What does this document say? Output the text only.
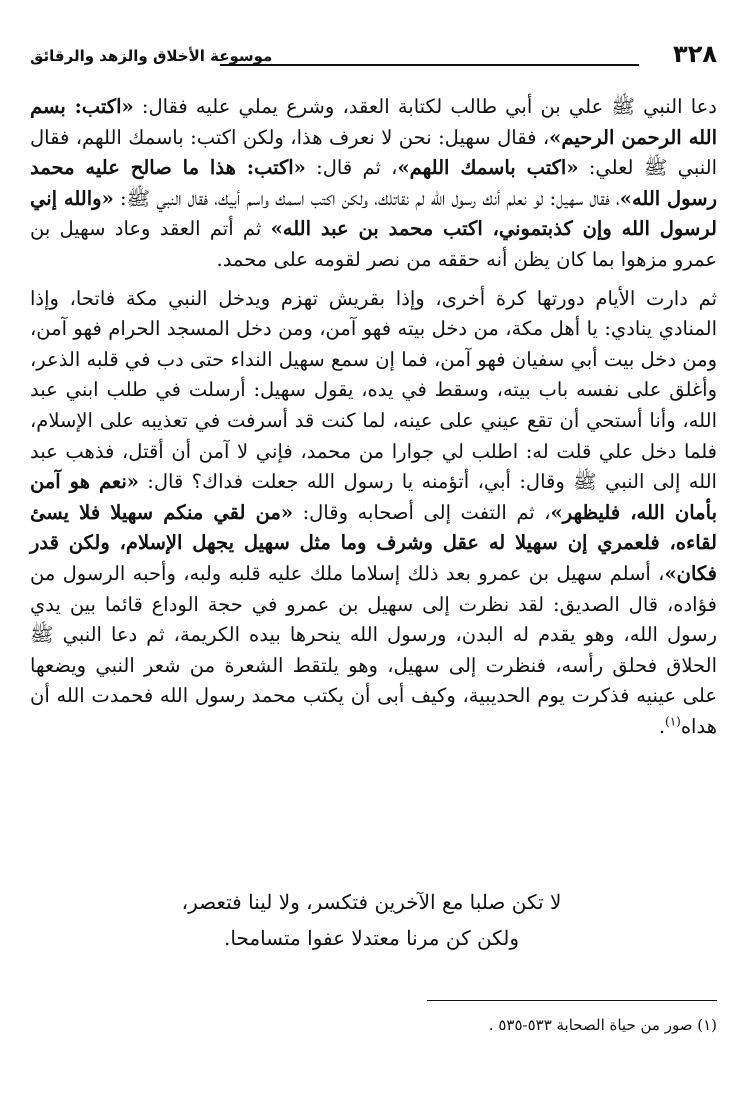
٣٢٨
موسوعة الأخلاق والزهد والرقائق

دعا النبي ﷺ علي بن أبي طالب لكتابة العقد، وشرع يملي عليه فقال: «اكتب: بسم الله الرحمن الرحيم»، فقال سهيل: نحن لا نعرف هذا، ولكن اكتب: باسمك اللهم، فقال النبي ﷺ لعلي: «اكتب باسمك اللهم»، ثم قال: «اكتب: هذا ما صالح عليه محمد رسول الله»، فقال سهيل: لو نعلم أنك رسول الله لم نقاتلك، ولكن اكتب اسمك واسم أبيك، فقال النبي ﷺ: «والله إني لرسول الله وإن كذبتموني، اكتب محمد بن عبد الله» ثم أتم العقد وعاد سهيل بن عمرو مزهوا بما كان يظن أنه حققه من نصر لقومه على محمد.

ثم دارت الأيام دورتها كرة أخرى، وإذا بقريش تهزم ويدخل النبي مكة فاتحا، وإذا المنادي ينادي: يا أهل مكة، من دخل بيته فهو آمن، ومن دخل المسجد الحرام فهو آمن، ومن دخل بيت أبي سفيان فهو آمن، فما إن سمع سهيل النداء حتى دب في قلبه الذعر، وأغلق على نفسه باب بيته، وسقط في يده، يقول سهيل: أرسلت في طلب ابني عبد الله، وأنا أستحي أن تقع عيني على عينه، لما كنت قد أسرفت في تعذيبه على الإسلام، فلما دخل علي قلت له: اطلب لي جوارا من محمد، فإني لا آمن أن أقتل، فذهب عبد الله إلى النبي ﷺ وقال: أبي، أتؤمنه يا رسول الله جعلت فداك؟ قال: «نعم هو آمن بأمان الله، فليظهر»، ثم التفت إلى أصحابه وقال: «من لقي منكم سهيلا فلا يسئ لقاءه، فلعمري إن سهيلا له عقل وشرف وما مثل سهيل يجهل الإسلام، ولكن قدر فكان»، أسلم سهيل بن عمرو بعد ذلك إسلاما ملك عليه قلبه ولبه، وأحبه الرسول من فؤاده، قال الصديق: لقد نظرت إلى سهيل بن عمرو في حجة الوداع قائما بين يدي رسول الله، وهو يقدم له البدن، ورسول الله ينحرها بيده الكريمة، ثم دعا النبي ﷺ الحلاق فحلق رأسه، فنظرت إلى سهيل، وهو يلتقط الشعرة من شعر النبي ويضعها على عينيه فذكرت يوم الحديبية، وكيف أبى أن يكتب محمد رسول الله فحمدت الله أن هداه$^{(١)}$.

لا تكن صلبا مع الآخرين فتكسر، ولا لينا فتعصر،
ولكن كن مرنا معتدلا عفوا متسامحا.
(١) صور من حياة الصحابة ٥٣٣-٥٣٥ .
